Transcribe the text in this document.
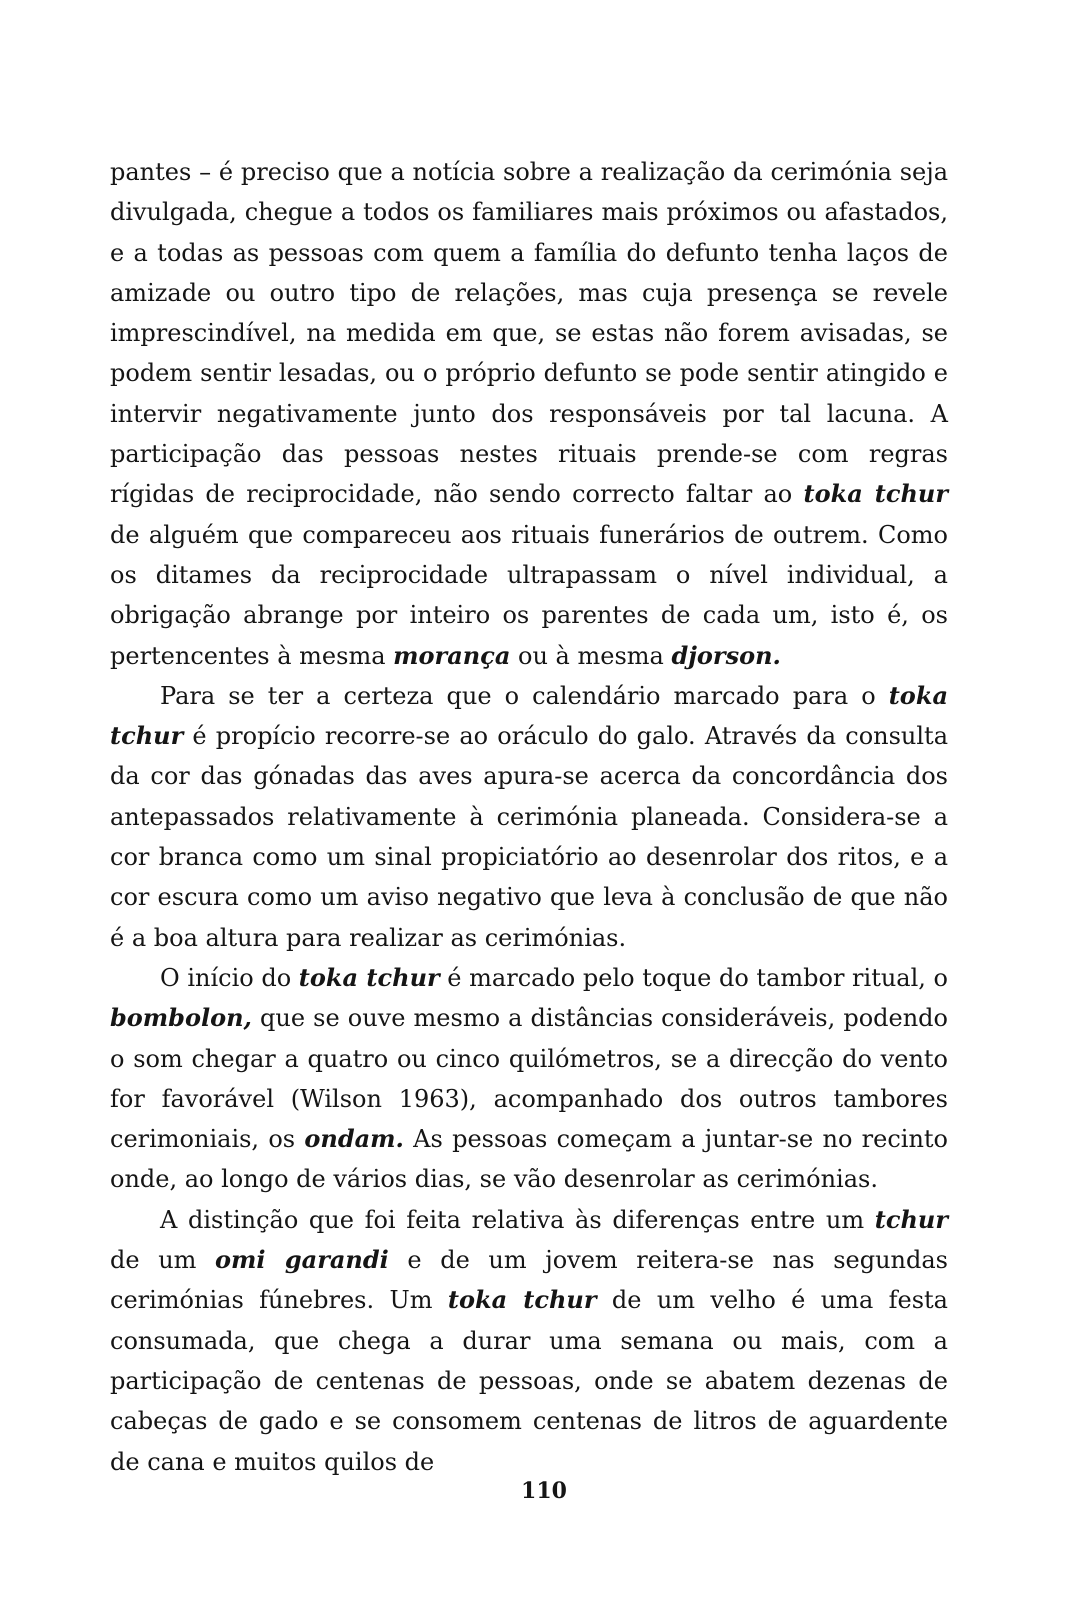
pantes – é preciso que a notícia sobre a realização da cerimónia seja divulgada, chegue a todos os familiares mais próximos ou afastados, e a todas as pessoas com quem a família do defunto tenha laços de amizade ou outro tipo de relações, mas cuja presença se revele imprescindível, na medida em que, se estas não forem avisadas, se podem sentir lesadas, ou o próprio defunto se pode sentir atingido e intervir negativamente junto dos responsáveis por tal lacuna. A participação das pessoas nestes rituais prende-se com regras rígidas de reciprocidade, não sendo correcto faltar ao toka tchur de alguém que compareceu aos rituais funerários de outrem. Como os ditames da reciprocidade ultrapassam o nível individual, a obrigação abrange por inteiro os parentes de cada um, isto é, os pertencentes à mesma morança ou à mesma djorson.

Para se ter a certeza que o calendário marcado para o toka tchur é propício recorre-se ao oráculo do galo. Através da consulta da cor das gónadas das aves apura-se acerca da concordância dos antepassados relativamente à cerimónia planeada. Considera-se a cor branca como um sinal propiciatório ao desenrolar dos ritos, e a cor escura como um aviso negativo que leva à conclusão de que não é a boa altura para realizar as cerimónias.

O início do toka tchur é marcado pelo toque do tambor ritual, o bombolon, que se ouve mesmo a distâncias consideráveis, podendo o som chegar a quatro ou cinco quilómetros, se a direcção do vento for favorável (Wilson 1963), acompanhado dos outros tambores cerimoniais, os ondam. As pessoas começam a juntar-se no recinto onde, ao longo de vários dias, se vão desenrolar as cerimónias.

A distinção que foi feita relativa às diferenças entre um tchur de um omi garandi e de um jovem reitera-se nas segundas cerimónias fúnebres. Um toka tchur de um velho é uma festa consumada, que chega a durar uma semana ou mais, com a participação de centenas de pessoas, onde se abatem dezenas de cabeças de gado e se consomem centenas de litros de aguardente de cana e muitos quilos de

110
